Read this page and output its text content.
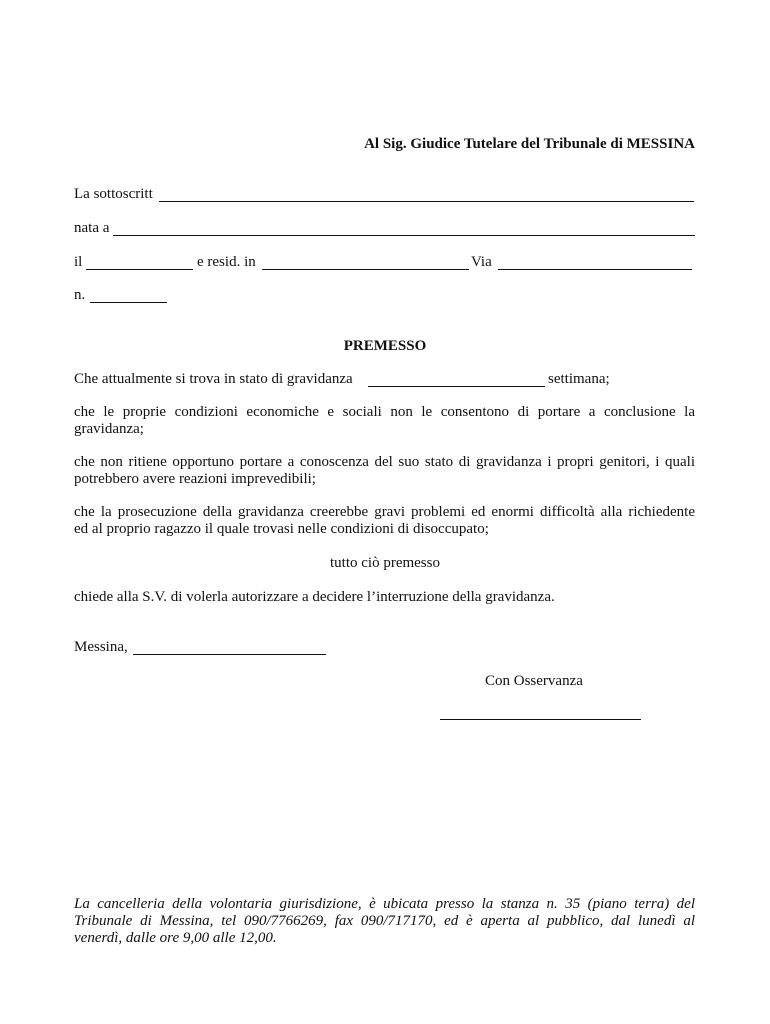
Al Sig. Giudice Tutelare del Tribunale di MESSINA
La sottoscritt
nata a
il	e resid. in	Via
n.
PREMESSO
Che attualmente si trova in stato di gravidanza	settimana;
che le proprie condizioni economiche e sociali non le consentono di portare a conclusione la
gravidanza;
che non ritiene opportuno portare a conoscenza del suo stato di gravidanza i propri genitori, i quali
potrebbero avere reazioni imprevedibili;
che la prosecuzione della gravidanza creerebbe gravi problemi ed enormi difficoltà alla richiedente
ed al proprio ragazzo il quale trovasi nelle condizioni di disoccupato;
tutto ciò premesso
chiede alla S.V. di volerla autorizzare a decidere l’interruzione della gravidanza.
Messina,
Con Osservanza
La cancelleria della volontaria giurisdizione, è ubicata presso la stanza n. 35 (piano terra) del
Tribunale di Messina, tel 090/7766269, fax 090/717170, ed è aperta al pubblico, dal lunedì al
venerdì, dalle ore 9,00 alle 12,00.
